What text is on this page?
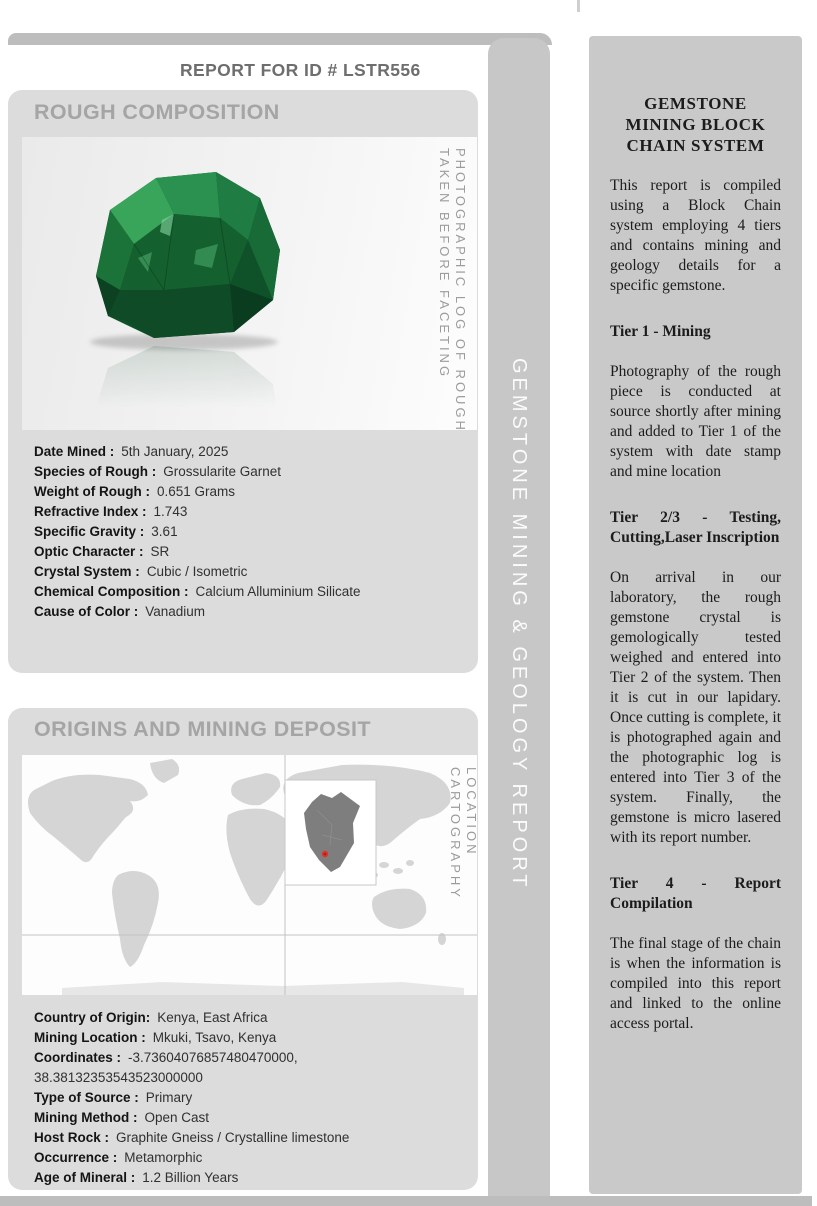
REPORT FOR ID # LSTR556
ROUGH COMPOSITION
PHOTOGRAPHIC LOG OF ROUGH
TAKEN BEFORE FACETING
Date Mined : 5th January, 2025
Species of Rough : Grossularite Garnet
Weight of Rough : 0.651 Grams
Refractive Index : 1.743
Specific Gravity : 3.61
Optic Character : SR
Crystal System : Cubic / Isometric
Chemical Composition : Calcium Alluminium Silicate
Cause of Color : Vanadium
ORIGINS AND MINING DEPOSIT
LOCATION CARTOGRAPHY
Country of Origin: Kenya, East Africa
Mining Location : Mkuki, Tsavo, Kenya
Coordinates : -3.73604076857480470000,  38.38132353543523000000
Type of Source : Primary
Mining Method : Open Cast
Host Rock : Graphite Gneiss / Crystalline limestone
Occurrence : Metamorphic
Age of Mineral : 1.2 Billion Years
GEMSTONE MINING & GEOLOGY REPORT
GEMSTONE
MINING BLOCK
CHAIN SYSTEM
This report is compiled using a Block Chain system employing 4 tiers and contains mining and geology details for a specific gemstone.
Tier 1 - Mining
Photography of the rough piece is conducted at source shortly after mining and added to Tier 1 of the system with date stamp and mine location
Tier 2/3 - Testing, Cutting,Laser Inscription
On arrival in our laboratory, the rough gemstone crystal is gemologically tested weighed and entered into Tier 2 of the system. Then it is cut in our lapidary. Once cutting is complete, it is photographed again and the photographic log is entered into Tier 3 of the system. Finally, the gemstone is micro lasered with its report number.
Tier 4 - Report Compilation
The final stage of the chain is when the information is compiled into this report and linked to the online access portal.
